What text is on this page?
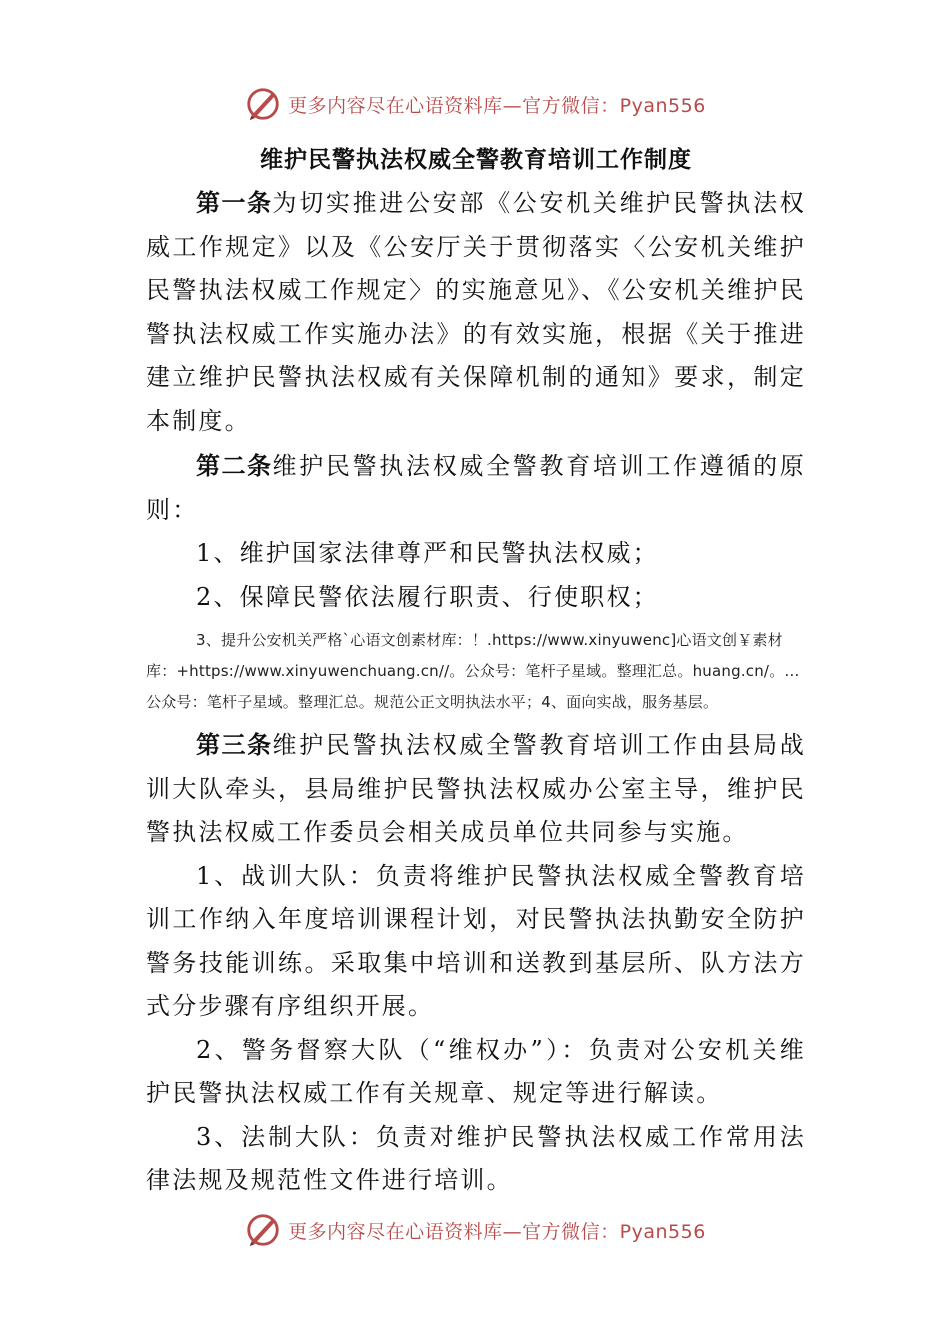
更多内容尽在心语资料库—官方微信：Pyan556
维护民警执法权威全警教育培训工作制度

第一条为切实推进公安部《公安机关维护民警执法权威工作规定》以及《公安厅关于贯彻落实〈公安机关维护民警执法权威工作规定〉的实施意见》、《公安机关维护民警执法权威工作实施办法》的有效实施，根据《关于推进建立维护民警执法权威有关保障机制的通知》要求，制定本制度。

第二条维护民警执法权威全警教育培训工作遵循的原则：

1、维护国家法律尊严和民警执法权威；

2、保障民警依法履行职责、行使职权；

3、提升公安机关严格`心语文创素材库：！.https://www.xinyuwenc]心语文创￥素材库：+https://www.xinyuwenchuang.cn//。公众号：笔杆子星域。整理汇总。huang.cn/。…公众号：笔杆子星域。整理汇总。规范公正文明执法水平；4、面向实战，服务基层。

第三条维护民警执法权威全警教育培训工作由县局战训大队牵头，县局维护民警执法权威办公室主导，维护民警执法权威工作委员会相关成员单位共同参与实施。

1、战训大队：负责将维护民警执法权威全警教育培训工作纳入年度培训课程计划，对民警执法执勤安全防护警务技能训练。采取集中培训和送教到基层所、队方法方式分步骤有序组织开展。

2、警务督察大队（“维权办”）：负责对公安机关维护民警执法权威工作有关规章、规定等进行解读。

3、法制大队：负责对维护民警执法权威工作常用法律法规及规范性文件进行培训。

更多内容尽在心语资料库—官方微信：Pyan556
